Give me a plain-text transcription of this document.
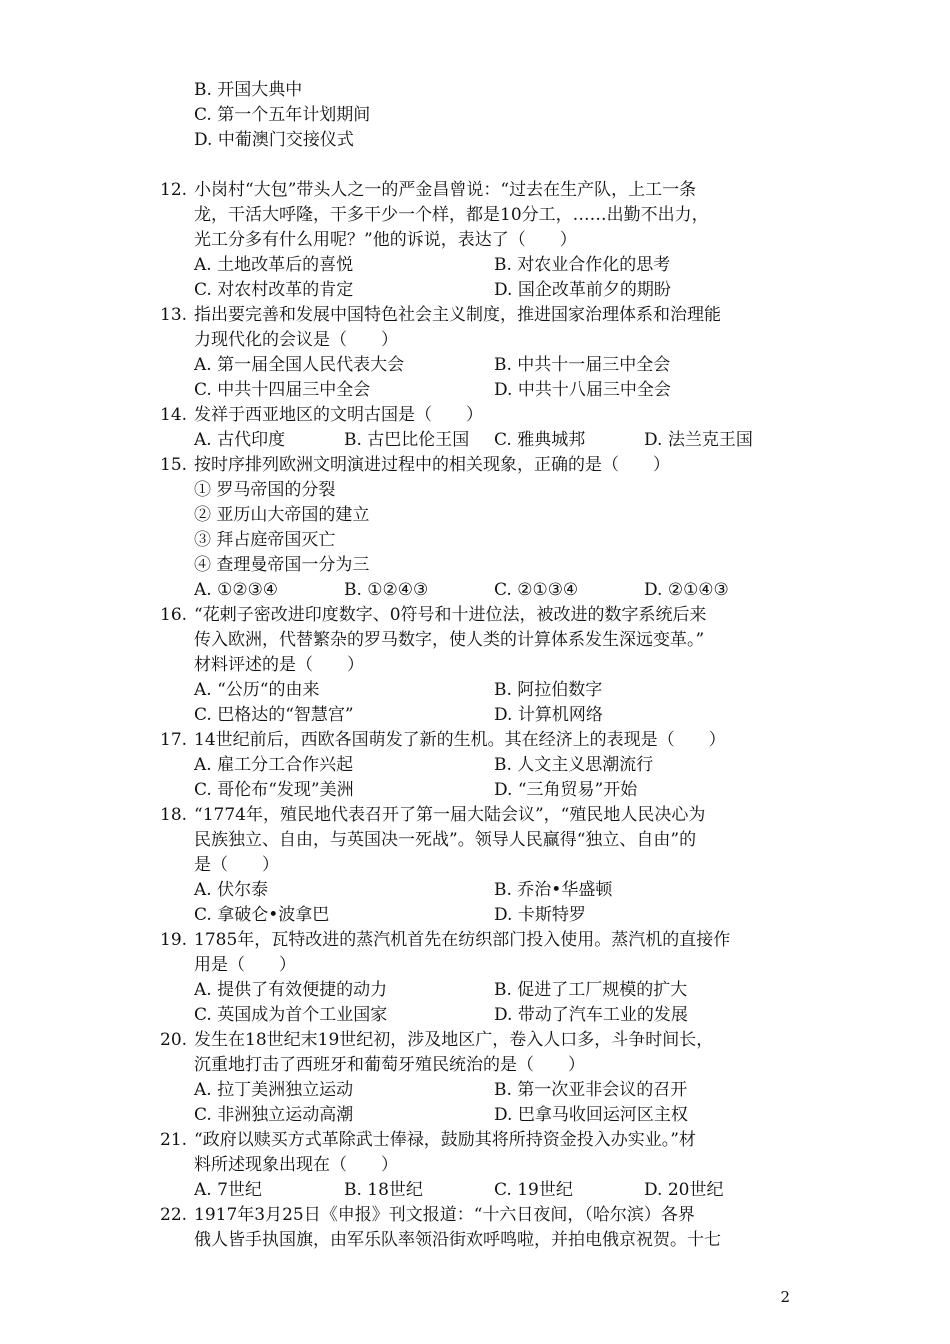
B. 开国大典中
C. 第一个五年计划期间
D. 中葡澳门交接仪式
12. 小岗村“大包”带头人之一的严金昌曾说：“过去在生产队，上工一条
龙，干活大呼隆，干多干少一个样，都是10分工，……出勤不出力，
光工分多有什么用呢？”他的诉说，表达了（　　）
A. 土地改革后的喜悦	B. 对农业合作化的思考
C. 对农村改革的肯定	D. 国企改革前夕的期盼
13. 指出要完善和发展中国特色社会主义制度，推进国家治理体系和治理能
力现代化的会议是（　　）
A. 第一届全国人民代表大会	B. 中共十一届三中全会
C. 中共十四届三中全会	D. 中共十八届三中全会
14. 发祥于西亚地区的文明古国是（　　）
A. 古代印度	B. 古巴比伦王国 C. 雅典城邦	D. 法兰克王国
15. 按时序排列欧洲文明演进过程中的相关现象，正确的是（　　）
① 罗马帝国的分裂
② 亚历山大帝国的建立
③ 拜占庭帝国灭亡
④ 查理曼帝国一分为三
A. ①②③④	B. ①②④③	C. ②①③④	D. ②①④③
16. “花剌子密改进印度数字、0符号和十进位法，被改进的数字系统后来
传入欧洲，代替繁杂的罗马数字，使人类的计算体系发生深远变革。”
材料评述的是（　　）
A. “公历“的由来	B. 阿拉伯数字
C. 巴格达的“智慧宫”	D. 计算机网络
17. 14世纪前后，西欧各国萌发了新的生机。其在经济上的表现是（　　）
A. 雇工分工合作兴起	B. 人文主义思潮流行
C. 哥伦布“发现”美洲	D. “三角贸易”开始
18. “1774年，殖民地代表召开了第一届大陆会议”，“殖民地人民决心为
民族独立、自由，与英国决一死战”。领导人民赢得“独立、自由”的
是（　　）
A. 伏尔泰	B. 乔治•华盛顿
C. 拿破仑•波拿巴	D. 卡斯特罗
19. 1785年，瓦特改进的蒸汽机首先在纺织部门投入使用。蒸汽机的直接作
用是（　　）
A. 提供了有效便捷的动力	B. 促进了工厂规模的扩大
C. 英国成为首个工业国家	D. 带动了汽车工业的发展
20. 发生在18世纪末19世纪初，涉及地区广，卷入人口多，斗争时间长，
沉重地打击了西班牙和葡萄牙殖民统治的是（　　）
A. 拉丁美洲独立运动	B. 第一次亚非会议的召开
C. 非洲独立运动高潮	D. 巴拿马收回运河区主权
21. “政府以赎买方式革除武士俸禄，鼓励其将所持资金投入办实业。”材
料所述现象出现在（　　）
A. 7世纪	B. 18世纪	C. 19世纪	D. 20世纪
22. 1917年3月25日《申报》刊文报道：“十六日夜间，（哈尔滨）各界
俄人皆手执国旗，由军乐队率领沿街欢呼鸣啦，并拍电俄京祝贺。十七
2
